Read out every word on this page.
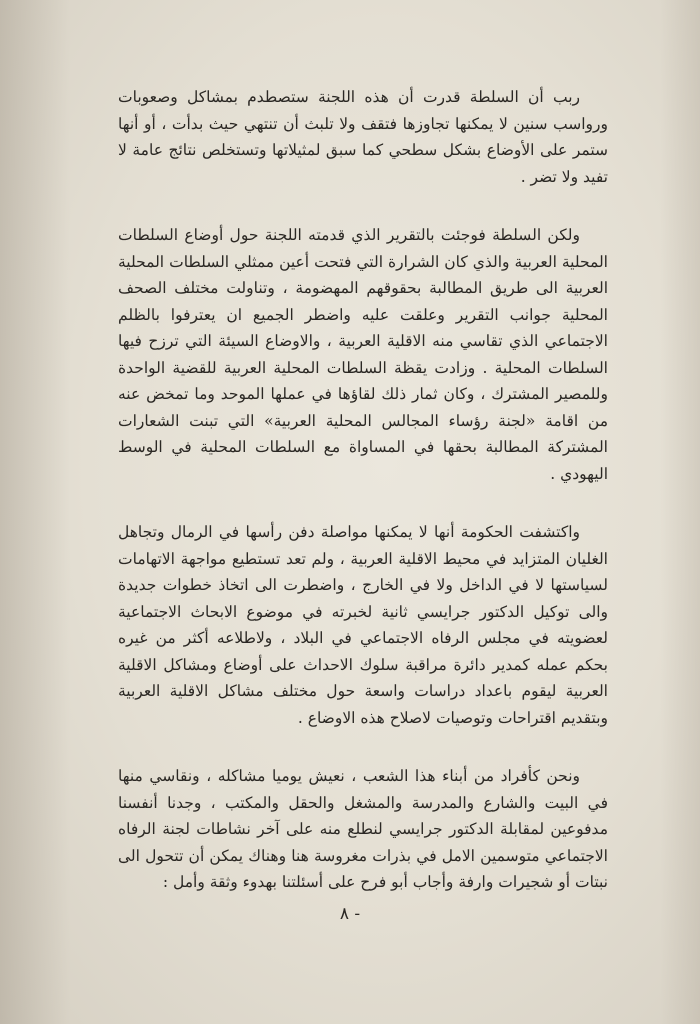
ربب أن السلطة قدرت أن هذه اللجنة ستصطدم بمشاكل وصعوبات ورواسب سنين لا يمكنها تجاوزها فتقف ولا تلبث أن تنتهي حيث بدأت ، أو أنها ستمر على الأوضاع بشكل سطحي كما سبق لمثيلاتها وتستخلص نتائج عامة لا تفيد ولا تضر .

ولكن السلطة فوجئت بالتقرير الذي قدمته اللجنة حول أوضاع السلطات المحلية العربية والذي كان الشرارة التي فتحت أعين ممثلي السلطات المحلية العربية الى طريق المطالبة بحقوقهم المهضومة ، وتناولت مختلف الصحف المحلية جوانب التقرير وعلقت عليه واضطر الجميع ان يعترفوا بالظلم الاجتماعي الذي تقاسي منه الاقلية العربية ، والاوضاع السيئة التي ترزح فيها السلطات المحلية . وزادت يقظة السلطات المحلية العربية للقضية الواحدة وللمصير المشترك ، وكان ثمار ذلك لقاؤها في عملها الموحد وما تمخض عنه من اقامة «لجنة رؤساء المجالس المحلية العربية» التي تبنت الشعارات المشتركة المطالبة بحقها في المساواة مع السلطات المحلية في الوسط اليهودي .

واكتشفت الحكومة أنها لا يمكنها مواصلة دفن رأسها في الرمال وتجاهل الغليان المتزايد في محيط الاقلية العربية ، ولم تعد تستطيع مواجهة الاتهامات لسياستها لا في الداخل ولا في الخارج ، واضطرت الى اتخاذ خطوات جديدة والى توكيل الدكتور جرايسي ثانية لخبرته في موضوع الابحاث الاجتماعية لعضويته في مجلس الرفاه الاجتماعي في البلاد ، ولاطلاعه أكثر من غيره بحكم عمله كمدير دائرة مراقبة سلوك الاحداث على أوضاع ومشاكل الاقلية العربية ليقوم باعداد دراسات واسعة حول مختلف مشاكل الاقلية العربية وبتقديم اقتراحات وتوصيات لاصلاح هذه الاوضاع .

ونحن كأفراد من أبناء هذا الشعب ، نعيش يوميا مشاكله ، ونقاسي منها في البيت والشارع والمدرسة والمشغل والحقل والمكتب ، وجدنا أنفسنا مدفوعين لمقابلة الدكتور جرايسي لنطلع منه على آخر نشاطات لجنة الرفاه الاجتماعي متوسمين الامل في بذرات مغروسة هنا وهناك يمكن أن تتحول الى نبتات أو شجيرات وارفة وأجاب أبو فرح على أسئلتنا بهدوء وثقة وأمل :

٨ -
